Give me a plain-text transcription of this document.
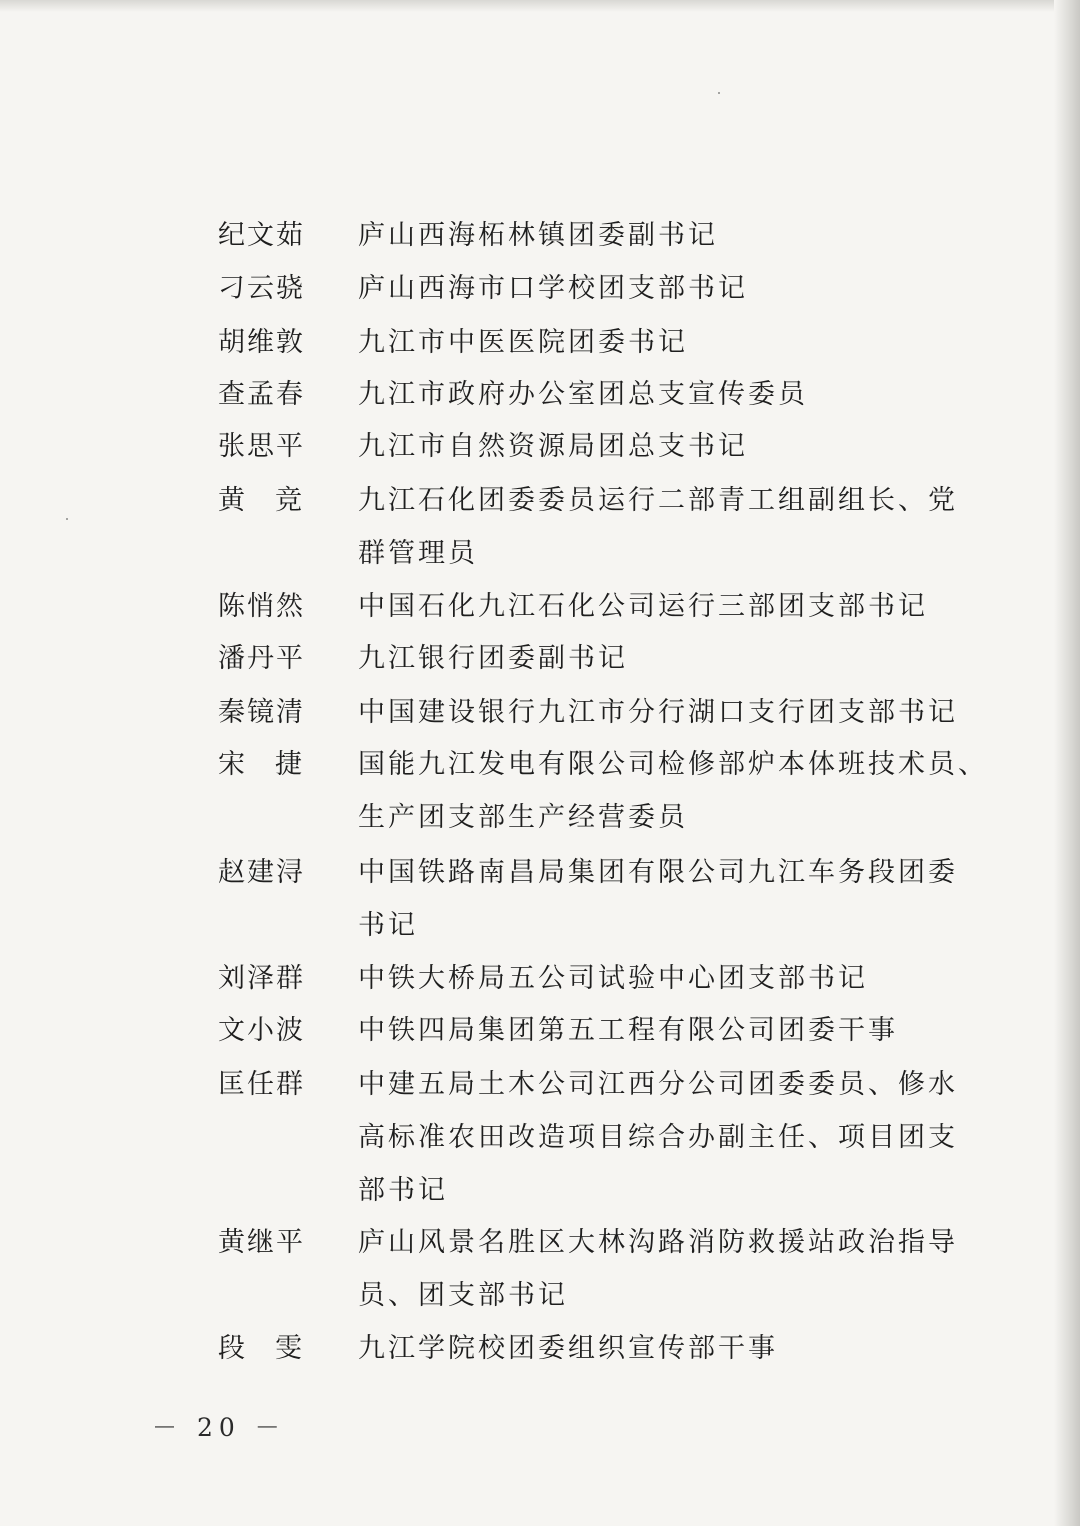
纪文茹 庐山西海柘林镇团委副书记
刁云骁 庐山西海市口学校团支部书记
胡维敦 九江市中医医院团委书记
查孟春 九江市政府办公室团总支宣传委员
张思平 九江市自然资源局团总支书记
黄 竞 九江石化团委委员运行二部青工组副组长、党
群管理员
陈悄然 中国石化九江石化公司运行三部团支部书记
潘丹平 九江银行团委副书记
秦镜清 中国建设银行九江市分行湖口支行团支部书记
宋 捷 国能九江发电有限公司检修部炉本体班技术员、
生产团支部生产经营委员
赵建浔 中国铁路南昌局集团有限公司九江车务段团委
书记
刘泽群 中铁大桥局五公司试验中心团支部书记
文小波 中铁四局集团第五工程有限公司团委干事
匡任群 中建五局土木公司江西分公司团委委员、修水
高标准农田改造项目综合办副主任、项目团支
部书记
黄继平 庐山风景名胜区大林沟路消防救援站政治指导
员、团支部书记
段 雯 九江学院校团委组织宣传部干事
－ 20 －
